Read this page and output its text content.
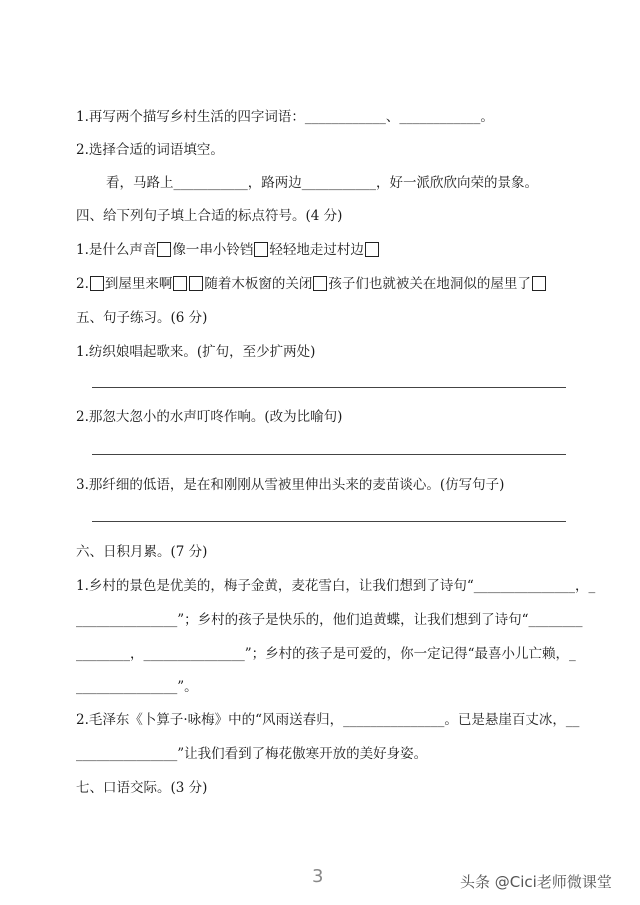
1.再写两个描写乡村生活的四字词语：____________、____________。
2.选择合适的词语填空。
看，马路上___________，路两边___________，好一派欣欣向荣的景象。
四、给下列句子填上合适的标点符号。(4 分)
1.是什么声音 像一串小铃铛 轻轻地走过村边
2. 到屋里来啊 随着木板窗的关闭 孩子们也就被关在地洞似的屋里了
五、句子练习。(6 分)
1.纺织娘唱起歌来。(扩句，至少扩两处)
2.那忽大忽小的水声叮咚作响。(改为比喻句)
3.那纤细的低语，是在和刚刚从雪被里伸出头来的麦苗谈心。(仿写句子)
六、日积月累。(7 分)
1.乡村的景色是优美的，梅子金黄，麦花雪白，让我们想到了诗句“_______________，_
_______________”；乡村的孩子是快乐的，他们追黄蝶，让我们想到了诗句“________
________，_______________”；乡村的孩子是可爱的，你一定记得“最喜小儿亡赖，_
_______________”。
2.毛泽东《卜算子·咏梅》中的“风雨送春归，_______________。已是悬崖百丈冰，__
_______________”让我们看到了梅花傲寒开放的美好身姿。
七、口语交际。(3 分)
3	头条 @Cici老师微课堂
